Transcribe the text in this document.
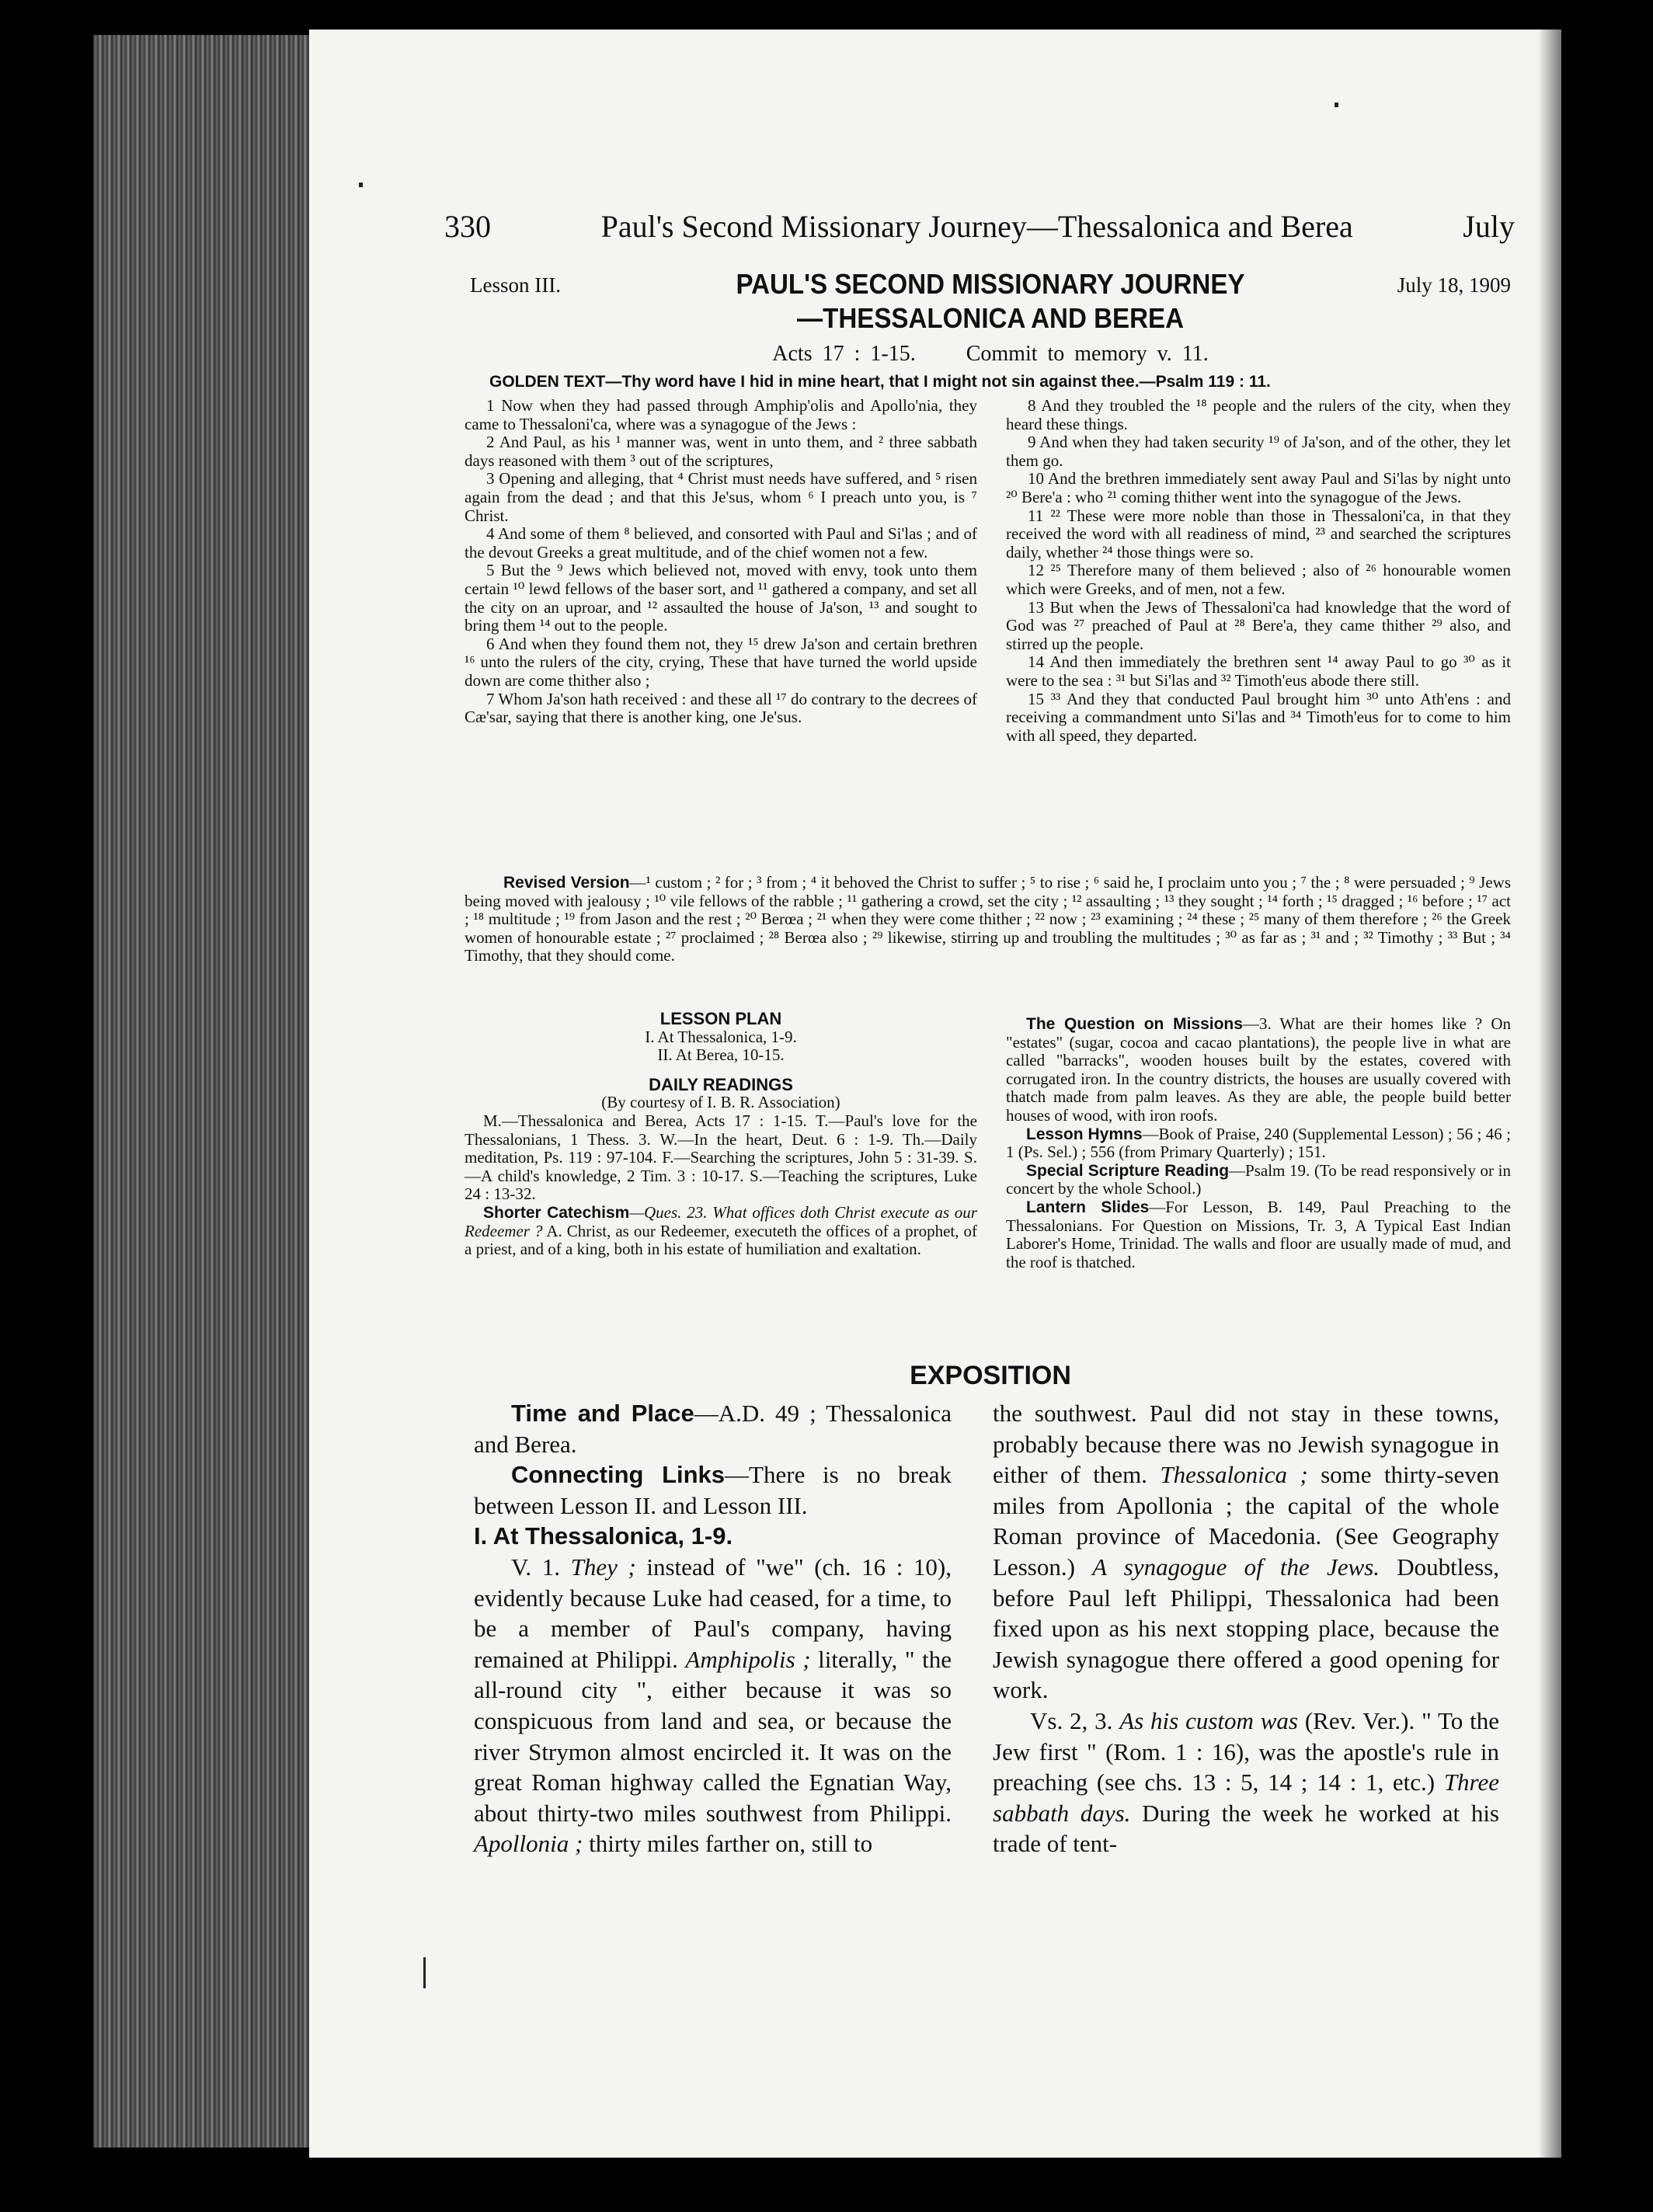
330	Paul's Second Missionary Journey—Thessalonica and Berea	July
Lesson III.	PAUL'S SECOND MISSIONARY JOURNEY
—THESSALONICA AND BEREA
July 18, 1909
Acts 17 : 1-15. Commit to memory v. 11.
GOLDEN TEXT—Thy word have I hid in mine heart, that I might not sin against thee.—Psalm 119 : 11.

1 Now when they had passed through Amphip'olis and Apollo'nia, they came to Thessaloni'ca, where was a synagogue of the Jews :

2 And Paul, as his ¹ manner was, went in unto them, and ² three sabbath days reasoned with them ³ out of the scriptures,

3 Opening and alleging, that ⁴ Christ must needs have suffered, and ⁵ risen again from the dead ; and that this Je'sus, whom ⁶ I preach unto you, is ⁷ Christ.

4 And some of them ⁸ believed, and consorted with Paul and Si'las ; and of the devout Greeks a great multitude, and of the chief women not a few.

5 But the ⁹ Jews which believed not, moved with envy, took unto them certain ¹⁰ lewd fellows of the baser sort, and ¹¹ gathered a company, and set all the city on an uproar, and ¹² assaulted the house of Ja'son, ¹³ and sought to bring them ¹⁴ out to the people.

6 And when they found them not, they ¹⁵ drew Ja'son and certain brethren ¹⁶ unto the rulers of the city, crying, These that have turned the world upside down are come thither also ;

7 Whom Ja'son hath received : and these all ¹⁷ do contrary to the decrees of Cæ'sar, saying that there is another king, one Je'sus.

8 And they troubled the ¹⁸ people and the rulers of the city, when they heard these things.

9 And when they had taken security ¹⁹ of Ja'son, and of the other, they let them go.

10 And the brethren immediately sent away Paul and Si'las by night unto ²⁰ Bere'a : who ²¹ coming thither went into the synagogue of the Jews.

11 ²² These were more noble than those in Thessaloni'ca, in that they received the word with all readiness of mind, ²³ and searched the scriptures daily, whether ²⁴ those things were so.

12 ²⁵ Therefore many of them believed ; also of ²⁶ honourable women which were Greeks, and of men, not a few.

13 But when the Jews of Thessaloni'ca had knowledge that the word of God was ²⁷ preached of Paul at ²⁸ Bere'a, they came thither ²⁹ also, and stirred up the people.

14 And then immediately the brethren sent ¹⁴ away Paul to go ³⁰ as it were to the sea : ³¹ but Si'las and ³² Timoth'eus abode there still.

15 ³³ And they that conducted Paul brought him ³⁰ unto Ath'ens : and receiving a commandment unto Si'las and ³⁴ Timoth'eus for to come to him with all speed, they departed.

Revised Version—¹ custom ; ² for ; ³ from ; ⁴ it behoved the Christ to suffer ; ⁵ to rise ; ⁶ said he, I proclaim unto you ; ⁷ the ; ⁸ were persuaded ; ⁹ Jews being moved with jealousy ; ¹⁰ vile fellows of the rabble ; ¹¹ gathering a crowd, set the city ; ¹² assaulting ; ¹³ they sought ; ¹⁴ forth ; ¹⁵ dragged ; ¹⁶ before ; ¹⁷ act ; ¹⁸ multitude ; ¹⁹ from Jason and the rest ; ²⁰ Berœa ; ²¹ when they were come thither ; ²² now ; ²³ examining ; ²⁴ these ; ²⁵ many of them therefore ; ²⁶ the Greek women of honourable estate ; ²⁷ proclaimed ; ²⁸ Berœa also ; ²⁹ likewise, stirring up and troubling the multitudes ; ³⁰ as far as ; ³¹ and ; ³² Timothy ; ³³ But ; ³⁴ Timothy, that they should come.

LESSON PLAN

I. At Thessalonica, 1-9.

II. At Berea, 10-15.

DAILY READINGS

(By courtesy of I. B. R. Association)

M.—Thessalonica and Berea, Acts 17 : 1-15. T.—Paul's love for the Thessalonians, 1 Thess. 3. W.—In the heart, Deut. 6 : 1-9. Th.—Daily meditation, Ps. 119 : 97-104. F.—Searching the scriptures, John 5 : 31-39. S.—A child's knowledge, 2 Tim. 3 : 10-17. S.—Teaching the scriptures, Luke 24 : 13-32.

Shorter Catechism—Ques. 23. What offices doth Christ execute as our Redeemer ? A. Christ, as our Redeemer, executeth the offices of a prophet, of a priest, and of a king, both in his estate of humiliation and exaltation.

The Question on Missions—3. What are their homes like ? On "estates" (sugar, cocoa and cacao plantations), the people live in what are called "barracks", wooden houses built by the estates, covered with corrugated iron. In the country districts, the houses are usually covered with thatch made from palm leaves. As they are able, the people build better houses of wood, with iron roofs.

Lesson Hymns—Book of Praise, 240 (Supplemental Lesson) ; 56 ; 46 ; 1 (Ps. Sel.) ; 556 (from Primary Quarterly) ; 151.

Special Scripture Reading—Psalm 19. (To be read responsively or in concert by the whole School.)

Lantern Slides—For Lesson, B. 149, Paul Preaching to the Thessalonians. For Question on Missions, Tr. 3, A Typical East Indian Laborer's Home, Trinidad. The walls and floor are usually made of mud, and the roof is thatched.

EXPOSITION

Time and Place—A.D. 49 ; Thessalonica and Berea.

Connecting Links—There is no break between Lesson II. and Lesson III.

I. At Thessalonica, 1-9.

V. 1. They ; instead of "we" (ch. 16 : 10), evidently because Luke had ceased, for a time, to be a member of Paul's company, having remained at Philippi. Amphipolis ; literally, " the all-round city ", either because it was so conspicuous from land and sea, or because the river Strymon almost encircled it. It was on the great Roman highway called the Egnatian Way, about thirty-two miles southwest from Philippi. Apollonia ; thirty miles farther on, still to

the southwest. Paul did not stay in these towns, probably because there was no Jewish synagogue in either of them. Thessalonica ; some thirty-seven miles from Apollonia ; the capital of the whole Roman province of Macedonia. (See Geography Lesson.) A synagogue of the Jews. Doubtless, before Paul left Philippi, Thessalonica had been fixed upon as his next stopping place, because the Jewish synagogue there offered a good opening for work.

Vs. 2, 3. As his custom was (Rev. Ver.). " To the Jew first " (Rom. 1 : 16), was the apostle's rule in preaching (see chs. 13 : 5, 14 ; 14 : 1, etc.) Three sabbath days. During the week he worked at his trade of tent-
